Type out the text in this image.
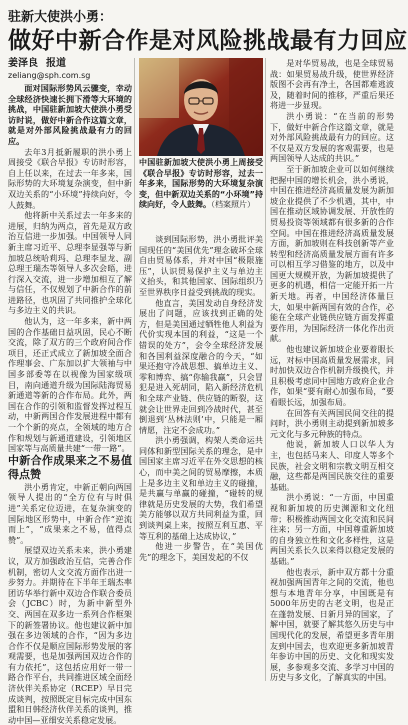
驻新大使洪小勇：
做好中新合作是对风险挑战最有力回应
姜泽良 报道
zeliang@sph.com.sg

面对国际形势风云骤变，幸动全球经济快速长拥下滑等大环境的挑战，中国驻新加坡大使洪小勇受访时说，做好中新合作这篇文章，就是对外部风险挑战最有力的回应。

去年3月抵新履职的洪小勇上周接受《联合早报》专访时形容，自上任以来，在过去一年多来，国际形势的大环境复杂演变，但中新双边关系的“小环境”持续向好，令人鼓舞。

他将新中关系过去一年多来的进展，归纳为两点，首先是双方政治互信进一步加强。中国领导人同新主席习近平、总理李显强等与新加坡总统哈莉玛、总理李显龙、副总理王瑞杰等领导人多次会晤，进行深入交流，进一步增加相互了解与信任，不仅规划了中新合作的前进路径，也巩固了共同推护全球化与多边主义的共识。

他认为，这一年多来，新中两国的合作基础日益巩固，民心不断交流，除了双方的三个政府间合作项目，还正式成立了新加坡全面合作理事会、广东加以扩大领袖与中国多部委等在以视像为国家级项目，南向通道升级为国际陆海贸易新通道等新的合作布局。此外，两国在合作的引领和监督发挥过程互动，中新两国合作发展进程中都有一个个新的亮点，全领域的地方合作和规划与新通道建设，引领地区国家等与高质量共建“一带一路”。

中新合作成果来之不易值得点赞

洪小勇肯定，中新正朝向两国领导人提出的“全方位有与时俱进”关系定位迈进，在复杂演变的国际地区形势中，中新合作“逆流而上”，“成果来之不易，值得点赞”。

展望双边关系未来，洪小勇建议，双方加强政治互信，完善合作机制，密切人文交流方面作出进一步努力。并期待在下半年王瑞杰率团访华举行新中双边合作联合委员会（JCBC）时，为新中新型外交、两国在双多边一系列合作框架下的新签署协议。他也建议新中加强在多边领域的合作，“因为多边合作不仅是顺应国际形势发展的客观需要，也是加强两国双边合作的有力依托”，这包括应用好一带一路合作平台，共同推进区域全面经济伙伴关系协定（RCEP）早日完成谈判，按照既定目标完成中国东盟和日韩经济伙伴关系的谈判，推动中国—亚细安关系稳定发展。

中国驻新加坡大使洪小勇上周接受《联合早报》专访时形容，过去一年多来，国际形势的大环境复杂演变，但中新双边关系的“小环境”持续向好，令人鼓舞。（档案照片）

谈到国际形势，洪小勇批评美国现任的“美国优先”理念破坏全球自由贸易体系，并对中国“极限施压”，认识贸易保护主义与单边主义抬头，和其他国家、国际组织乃至世界秩序日益受到挑战的现实。

他直言，美国发动自身经济发展出了问题，应该找到正确的处方，但是美国通过牺牲他人利益为代价实现本国的利益，“这是一个错误的处方”，会令全球经济发展和各国利益深度融合的今天，“如果还抱守冷战思想、搞单边主义、零和博弈、搞“你输我赢”，只会冒犯是进入死胡同，陷入新经济危机和全球产业链、供应链的断裂，这就会让世界走回到冷战时代，甚至倒退到‘丛林法则’中，只能是一厢情愿，注定不会成功。”

洪小勇强调，构架人类命运共同体和新型国际关系的理念，是中国国家主席习近平在外交思想的核心，而中美之间的贸易摩擦，本质上是多边主义和单边主义的碰撞，是共赢与单赢的碰撞，“碰转的规律就是历史发展的大势，我们希望美方能够以双方共同利益为重，回到谈判桌上来，按照互利互惠、平等互利的基础上达成协议，”

他进一步警告，在“美国优先”的理念下，美国发起的不仅

是对华贸易战，也是全球贸易战：如果贸易战升级，使世界经济版图不会再有净土，各国都难逃波及，随着时间的推移，严重后果还将进一步显现。

洪小勇说：“在当前的形势下，做好中新合作这篇文章，就是对外部风险挑战最有力的回应。这不仅是双方发展的客观需要，也是两国领导人达成的共识。”

至于新加坡企业可以如何继续把握中国的增长机会，洪小勇说，中国在推进经济高质量发展为新加坡企业提供了不少机遇，其中，中国在推动区域协调发展、开放性的贸易投资等领域都有很多新的合作空间。中国在推进经济高质量发展方面，新加坡则在科技创新等产业转型和经济高质量发展方面有许多可以相互学习借鉴的地方，以及中国更大规模开放，为新加坡提供了更多的机遇，相信一定能开拓一片新天地。再者，中国经济体量巨大，如果中新两国有效的合作，必能在全球产业链供应链方面发挥重要作用，为国际经济一体化作出贡献。

他也建议新加坡企业要着眼长远，对标中国高质量发展需求，同时加快双边合作机制升级换代，并且积极考虑同中国地方政府企业合作，如果“要有耐心加强布局，“要看眼长远，加强布局。

在回答有关两国民间交往的提问时，洪小勇则主动提到新加坡多元文化与多元种族的特点。

他说，新加坡人口以华人为主，也包括马来人、印度人等多个民族，社会文明和宗教文明互相交融，这些都是两国民族交往的重要基础。

洪小勇说：“一方面，中国重视和新加坡的历史渊源和文化纽带；积极推动两国文化交流和民间往来；另一方面，中国尊重新加坡的自身独立性和文化多样性，这是两国关系长久以来得以稳定发展的基础。”

他也表示，新中双方都十分重视加强两国青年之间的交流，他也想与本地青年分享，中国既是有5000年历史的古老文明，也是正在蓬勃发展、日新月异的国家，了解中国，就要了解其悠久历史与中国现代化的发展，希望更多青年朋友到中国去，也欢迎更多新加坡青年参访中国的历史、文化和现实发展，多参观多交流、多学习中国的历史与多文化，了解真实的中国。
